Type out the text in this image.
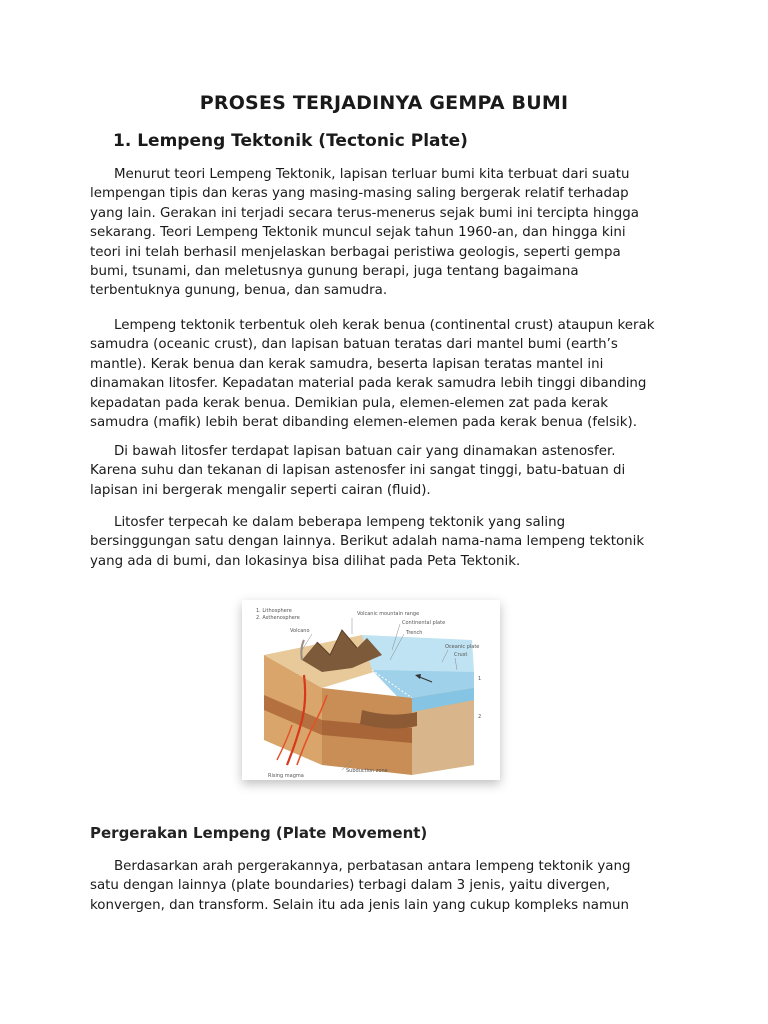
PROSES TERJADINYA GEMPA BUMI
1. Lempeng Tektonik (Tectonic Plate)
Menurut teori Lempeng Tektonik, lapisan terluar bumi kita terbuat dari suatu
lempengan tipis dan keras yang masing-masing saling bergerak relatif terhadap
yang lain. Gerakan ini terjadi secara terus-menerus sejak bumi ini tercipta hingga
sekarang. Teori Lempeng Tektonik muncul sejak tahun 1960-an, dan hingga kini
teori ini telah berhasil menjelaskan berbagai peristiwa geologis, seperti gempa
bumi, tsunami, dan meletusnya gunung berapi, juga tentang bagaimana
terbentuknya gunung, benua, dan samudra.
Lempeng tektonik terbentuk oleh kerak benua (continental crust) ataupun kerak
samudra (oceanic crust), dan lapisan batuan teratas dari mantel bumi (earth’s
mantle). Kerak benua dan kerak samudra, beserta lapisan teratas mantel ini
dinamakan litosfer. Kepadatan material pada kerak samudra lebih tinggi dibanding
kepadatan pada kerak benua. Demikian pula, elemen-elemen zat pada kerak
samudra (mafik) lebih berat dibanding elemen-elemen pada kerak benua (felsik).
Di bawah litosfer terdapat lapisan batuan cair yang dinamakan astenosfer.
Karena suhu dan tekanan di lapisan astenosfer ini sangat tinggi, batu-batuan di
lapisan ini bergerak mengalir seperti cairan (fluid).
Litosfer terpecah ke dalam beberapa lempeng tektonik yang saling
bersinggungan satu dengan lainnya. Berikut adalah nama-nama lempeng tektonik
yang ada di bumi, dan lokasinya bisa dilihat pada Peta Tektonik.
1. Lithosphere
2. Asthenosphere
Volcanic mountain range
Continental plate
Trench
Oceanic plate
Crust
Volcano
Rising magma
Subduction zone
1
2
Pergerakan Lempeng (Plate Movement)
Berdasarkan arah pergerakannya, perbatasan antara lempeng tektonik yang
satu dengan lainnya (plate boundaries) terbagi dalam 3 jenis, yaitu divergen,
konvergen, dan transform. Selain itu ada jenis lain yang cukup kompleks namun
